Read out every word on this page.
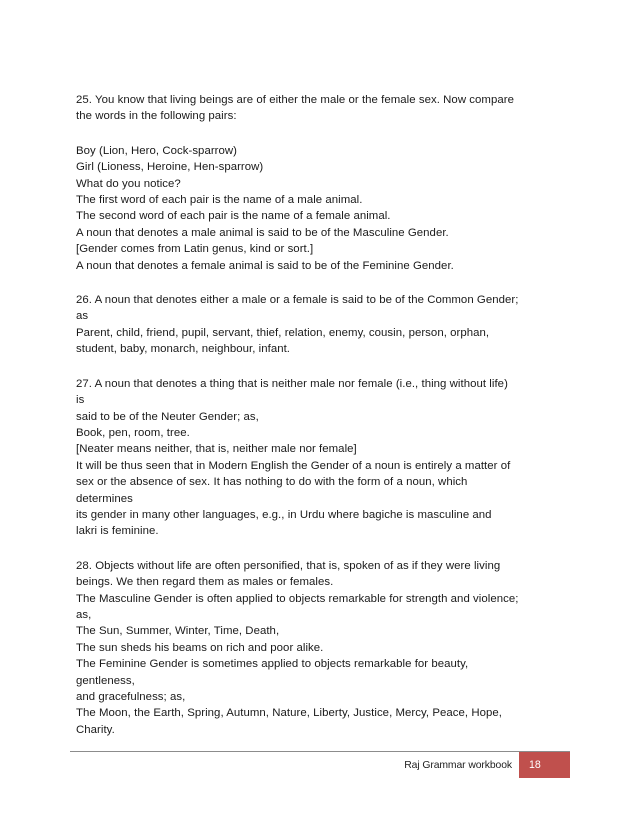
25. You know that living beings are of either the male or the female sex. Now compare
the words in the following pairs:
Boy (Lion, Hero, Cock-sparrow)
Girl (Lioness, Heroine, Hen-sparrow)
What do you notice?
The first word of each pair is the name of a male animal.
The second word of each pair is the name of a female animal.
A noun that denotes a male animal is said to be of the Masculine Gender.
[Gender comes from Latin genus, kind or sort.]
A noun that denotes a female animal is said to be of the Feminine Gender.
26. A noun that denotes either a male or a female is said to be of the Common Gender;
as
Parent, child, friend, pupil, servant, thief, relation, enemy, cousin, person, orphan,
student, baby, monarch, neighbour, infant.
27. A noun that denotes a thing that is neither male nor female (i.e., thing without life)
is
said to be of the Neuter Gender; as,
Book, pen, room, tree.
[Neater means neither, that is, neither male nor female]
It will be thus seen that in Modern English the Gender of a noun is entirely a matter of
sex or the absence of sex. It has nothing to do with the form of a noun, which
determines
its gender in many other languages, e.g., in Urdu where bagiche is masculine and
lakri is feminine.
28. Objects without life are often personified, that is, spoken of as if they were living
beings. We then regard them as males or females.
The Masculine Gender is often applied to objects remarkable for strength and violence;
as,
The Sun, Summer, Winter, Time, Death,
The sun sheds his beams on rich and poor alike.
The Feminine Gender is sometimes applied to objects remarkable for beauty,
gentleness,
and gracefulness; as,
The Moon, the Earth, Spring, Autumn, Nature, Liberty, Justice, Mercy, Peace, Hope,
Charity.
Raj Grammar workbook 18
